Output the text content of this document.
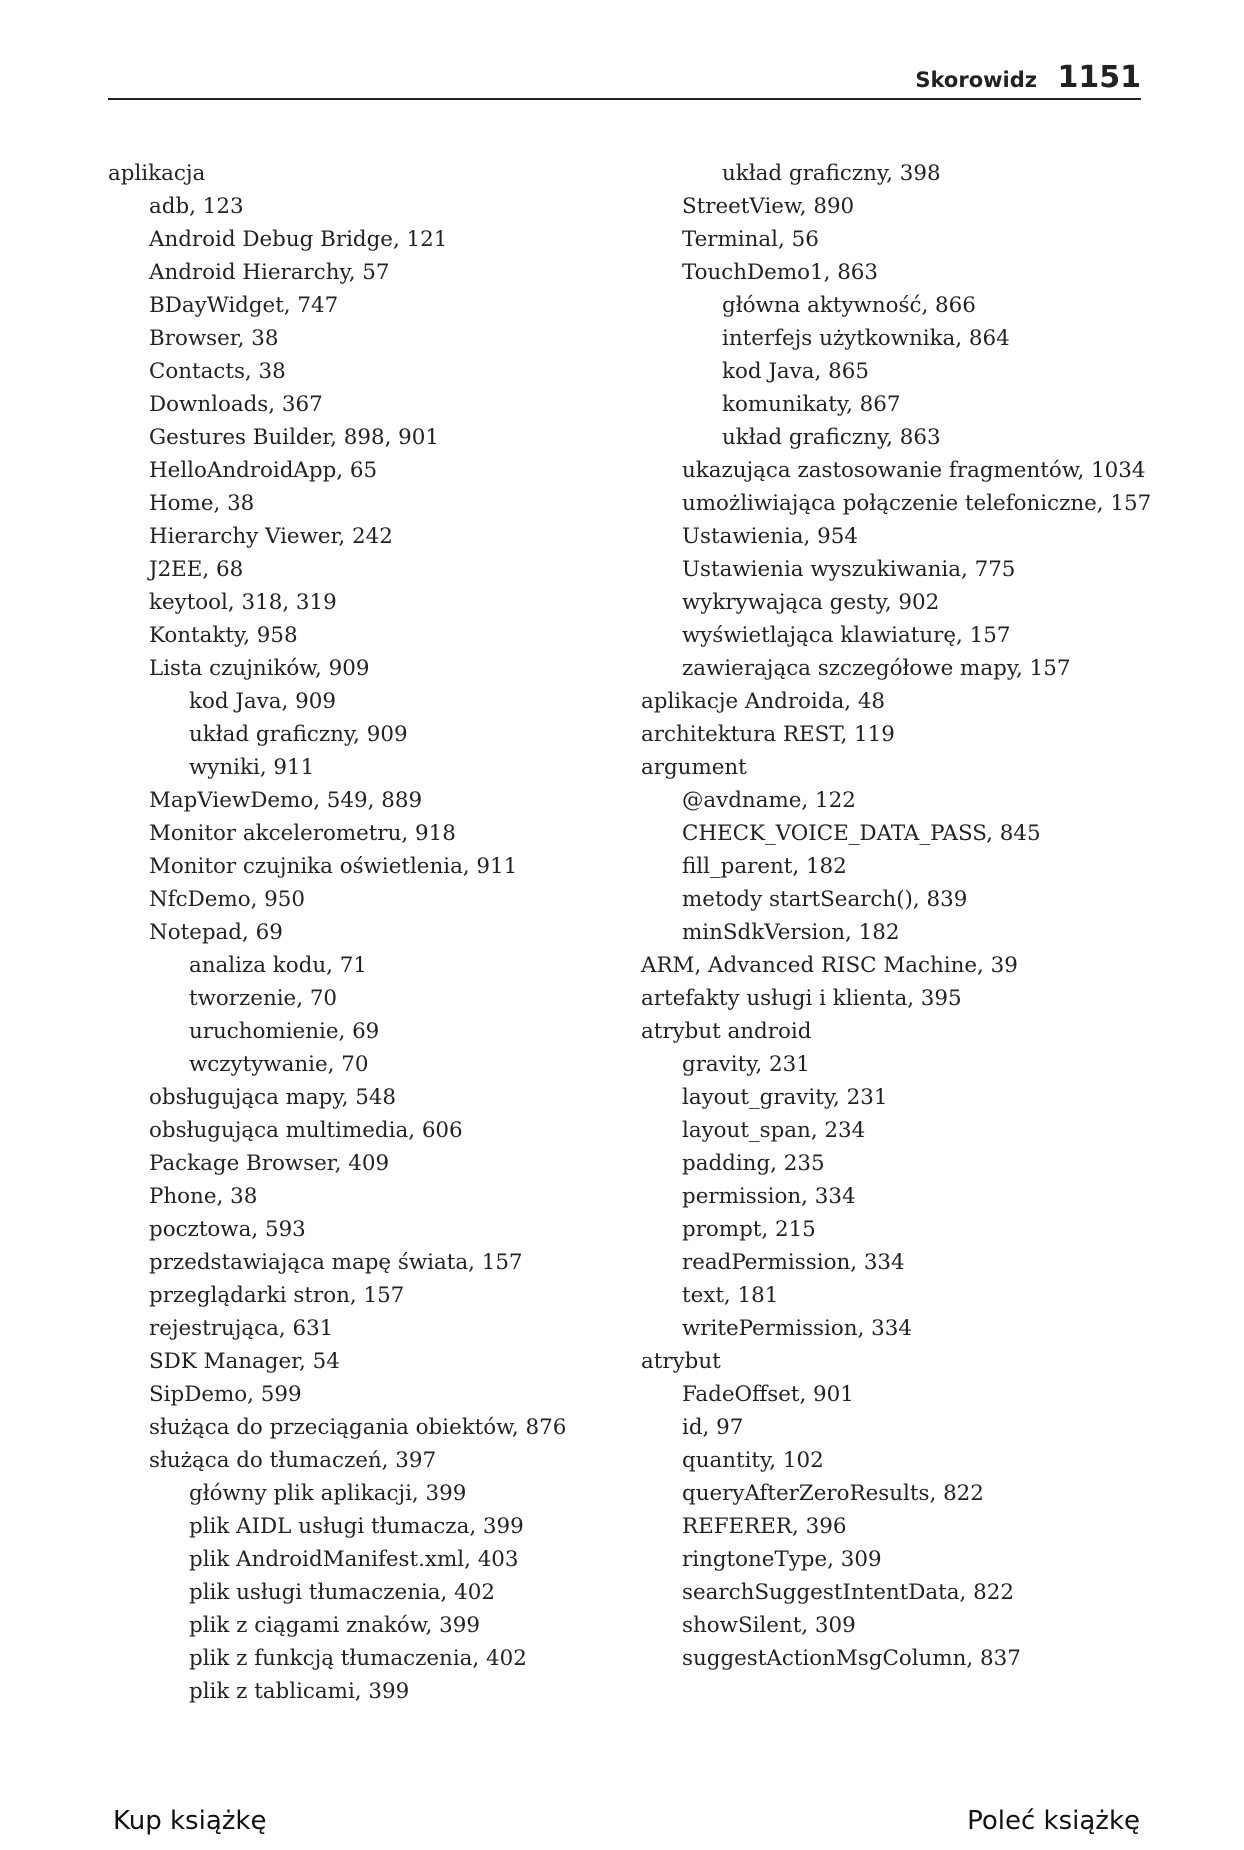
Skorowidz 1151
aplikacja
adb, 123
Android Debug Bridge, 121
Android Hierarchy, 57
BDayWidget, 747
Browser, 38
Contacts, 38
Downloads, 367
Gestures Builder, 898, 901
HelloAndroidApp, 65
Home, 38
Hierarchy Viewer, 242
J2EE, 68
keytool, 318, 319
Kontakty, 958
Lista czujników, 909
kod Java, 909
układ graficzny, 909
wyniki, 911
MapViewDemo, 549, 889
Monitor akcelerometru, 918
Monitor czujnika oświetlenia, 911
NfcDemo, 950
Notepad, 69
analiza kodu, 71
tworzenie, 70
uruchomienie, 69
wczytywanie, 70
obsługująca mapy, 548
obsługująca multimedia, 606
Package Browser, 409
Phone, 38
pocztowa, 593
przedstawiająca mapę świata, 157
przeglądarki stron, 157
rejestrująca, 631
SDK Manager, 54
SipDemo, 599
służąca do przeciągania obiektów, 876
służąca do tłumaczeń, 397
główny plik aplikacji, 399
plik AIDL usługi tłumacza, 399
plik AndroidManifest.xml, 403
plik usługi tłumaczenia, 402
plik z ciągami znaków, 399
plik z funkcją tłumaczenia, 402
plik z tablicami, 399
układ graficzny, 398
StreetView, 890
Terminal, 56
TouchDemo1, 863
główna aktywność, 866
interfejs użytkownika, 864
kod Java, 865
komunikaty, 867
układ graficzny, 863
ukazująca zastosowanie fragmentów, 1034
umożliwiająca połączenie telefoniczne, 157
Ustawienia, 954
Ustawienia wyszukiwania, 775
wykrywająca gesty, 902
wyświetlająca klawiaturę, 157
zawierająca szczegółowe mapy, 157
aplikacje Androida, 48
architektura REST, 119
argument
@avdname, 122
CHECK_VOICE_DATA_PASS, 845
fill_parent, 182
metody startSearch(), 839
minSdkVersion, 182
ARM, Advanced RISC Machine, 39
artefakty usługi i klienta, 395
atrybut android
gravity, 231
layout_gravity, 231
layout_span, 234
padding, 235
permission, 334
prompt, 215
readPermission, 334
text, 181
writePermission, 334
atrybut
FadeOffset, 901
id, 97
quantity, 102
queryAfterZeroResults, 822
REFERER, 396
ringtoneType, 309
searchSuggestIntentData, 822
showSilent, 309
suggestActionMsgColumn, 837
Kup książkę	Poleć książkę
